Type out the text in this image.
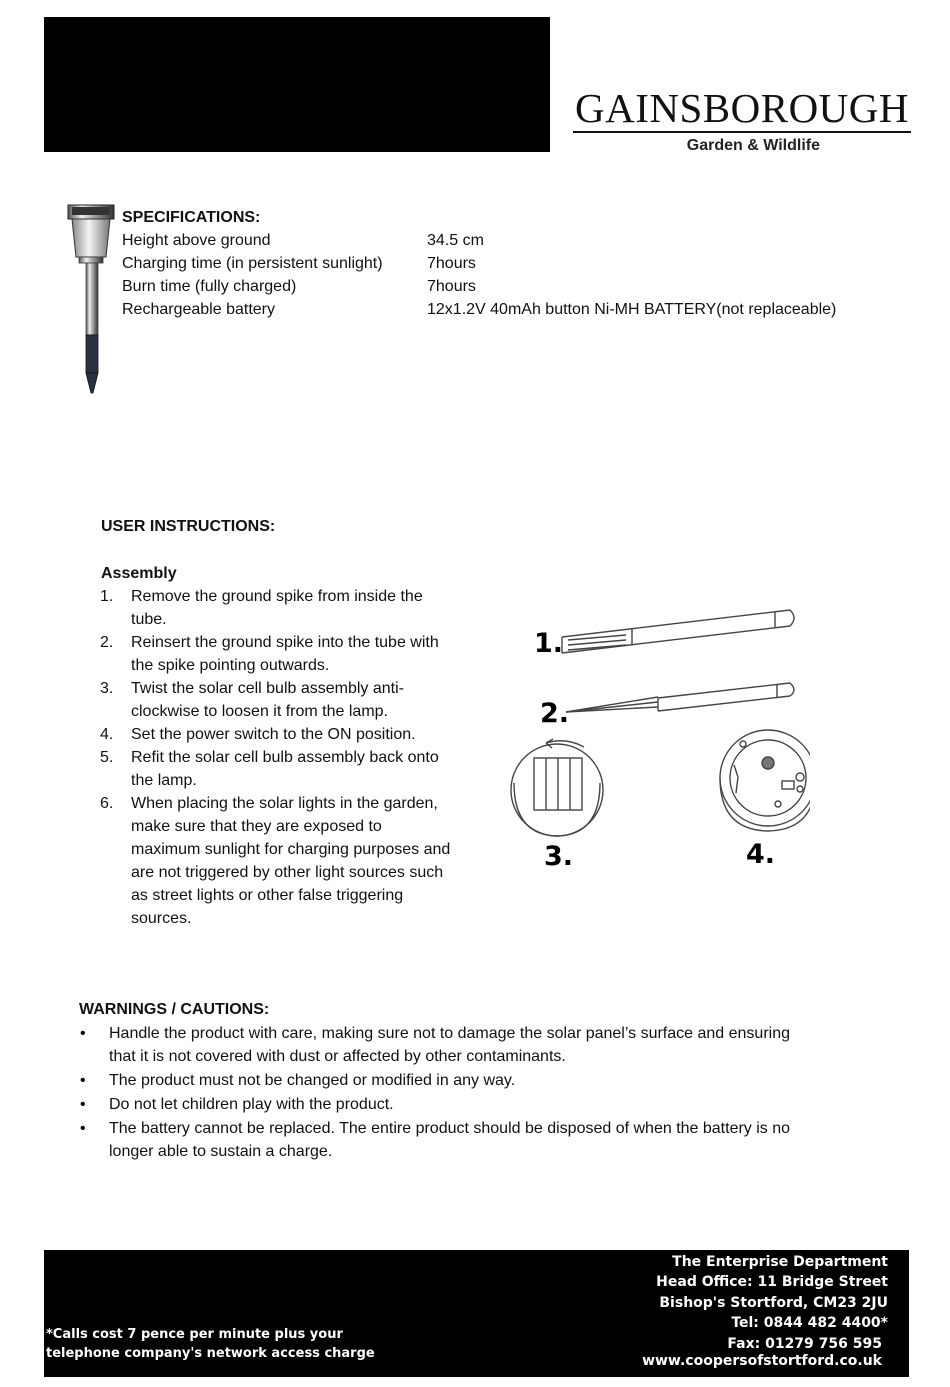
GAINSBOROUGH
Garden & Wildlife
SPECIFICATIONS:
Height above ground	34.5 cm
Charging time (in persistent sunlight)	7hours
Burn time (fully charged)	7hours
Rechargeable battery	12x1.2V 40mAh button Ni-MH BATTERY(not replaceable)
USER INSTRUCTIONS:
Assembly
1.	Remove the ground spike from inside the
tube.
2.	Reinsert the ground spike into the tube with
the spike pointing outwards.
3.	Twist the solar cell bulb assembly anti-
clockwise to loosen it from the lamp.
4.	Set the power switch to the ON position.
5.	Refit the solar cell bulb assembly back onto
the lamp.
6.	When placing the solar lights in the garden,
make sure that they are exposed to
maximum sunlight for charging purposes and
are not triggered by other light sources such
as street lights or other false triggering
sources.
1.
2.
3.	4.
WARNINGS / CAUTIONS:
• Handle the product with care, making sure not to damage the solar panel’s surface and ensuring
that it is not covered with dust or affected by other contaminants.
• The product must not be changed or modified in any way.
• Do not let children play with the product.
• The battery cannot be replaced. The entire product should be disposed of when the battery is no
longer able to sustain a charge.
The Enterprise Department
Head Office: 11 Bridge Street
Bishop's Stortford, CM23 2JU
Tel: 0844 482 4400*
Fax: 01279 756 595
www.coopersofstortford.co.uk
*Calls cost 7 pence per minute plus your
telephone company's network access charge
